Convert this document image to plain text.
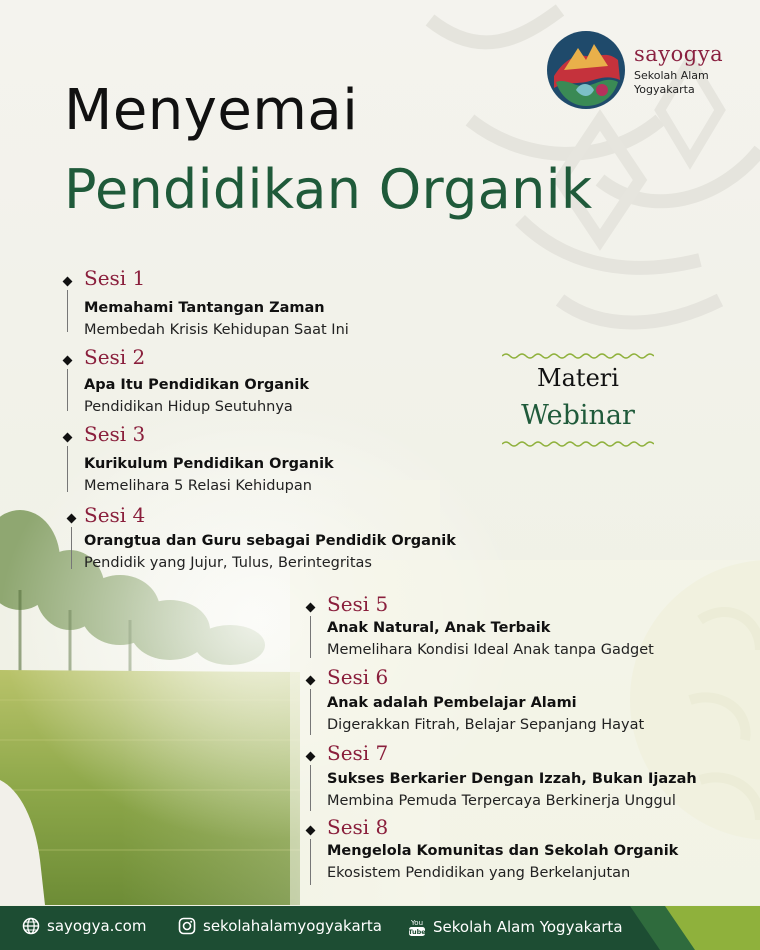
sayogya
Sekolah Alam
Yogyakarta
Menyemai
Pendidikan Organik
Sesi 1
Memahami Tantangan Zaman
Membedah Krisis Kehidupan Saat Ini
Sesi 2
Apa Itu Pendidikan Organik
Pendidikan Hidup Seutuhnya
Sesi 3
Kurikulum Pendidikan Organik
Memelihara 5 Relasi Kehidupan
Sesi 4
Orangtua dan Guru sebagai Pendidik Organik
Pendidik yang Jujur, Tulus, Berintegritas
Sesi 5
Anak Natural, Anak Terbaik
Memelihara Kondisi Ideal Anak tanpa Gadget
Sesi 6
Anak adalah Pembelajar Alami
Digerakkan Fitrah, Belajar Sepanjang Hayat
Sesi 7
Sukses Berkarier Dengan Izzah, Bukan Ijazah
Membina Pemuda Terpercaya Berkinerja Unggul
Sesi 8
Mengelola Komunitas dan Sekolah Organik
Ekosistem Pendidikan yang Berkelanjutan
Materi
Webinar
sayogya.com	sekolahalamyogyakarta	You
Tube Sekolah Alam Yogyakarta
